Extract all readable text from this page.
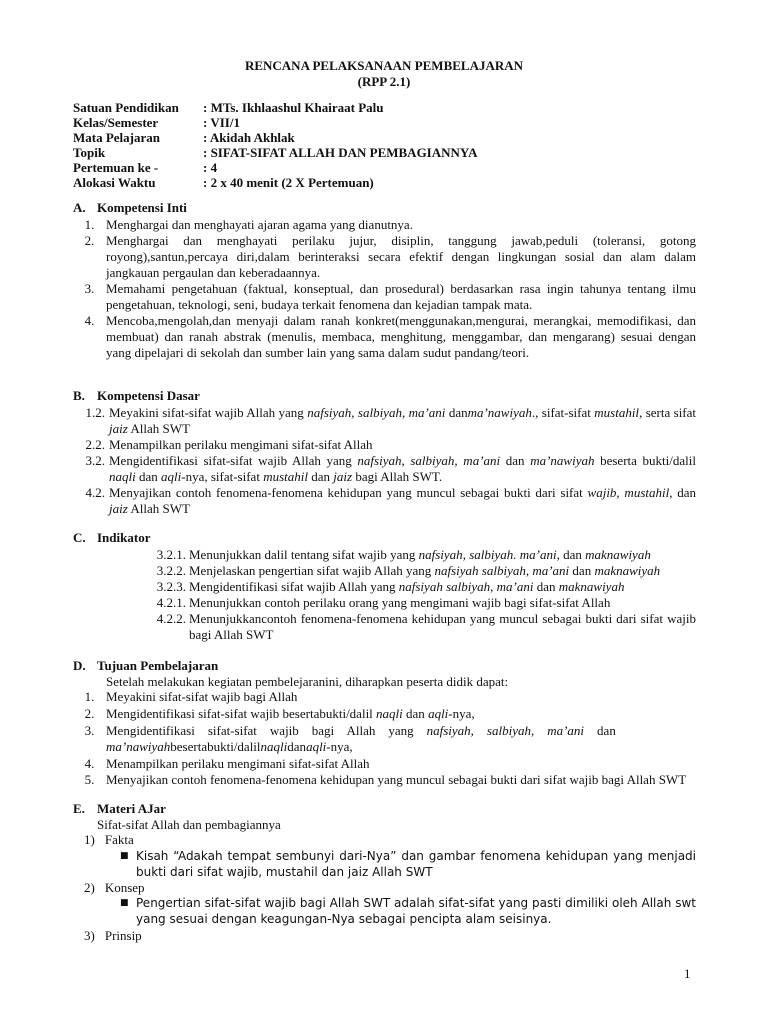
RENCANA PELAKSANAAN PEMBELAJARAN
(RPP 2.1)
Satuan Pendidikan : MTs. Ikhlaashul Khairaat Palu
Kelas/Semester	: VII/1
Mata Pelajaran	: Akidah Akhlak
Topik	: SIFAT-SIFAT ALLAH DAN PEMBAGIANNYA
Pertemuan ke -	: 4
Alokasi Waktu	: 2 x 40 menit (2 X Pertemuan)
A. Kompetensi Inti
1. Menghargai dan menghayati ajaran agama yang dianutnya.
2. Menghargai dan menghayati perilaku jujur, disiplin, tanggung jawab,peduli (toleransi, gotong royong),santun,percaya diri,dalam berinteraksi secara efektif dengan lingkungan sosial dan alam dalam jangkauan pergaulan dan keberadaannya.
3. Memahami pengetahuan (faktual, konseptual, dan prosedural) berdasarkan rasa ingin tahunya tentang ilmu pengetahuan, teknologi, seni, budaya terkait fenomena dan kejadian tampak mata.
4. Mencoba,mengolah,dan menyaji dalam ranah konkret(menggunakan,mengurai, merangkai, memodifikasi, dan membuat) dan ranah abstrak (menulis, membaca, menghitung, menggambar, dan mengarang) sesuai dengan yang dipelajari di sekolah dan sumber lain yang sama dalam sudut pandang/teori.
B. Kompetensi Dasar
1.2. Meyakini sifat-sifat wajib Allah yang nafsiyah, salbiyah, ma’ani danma’nawiyah., sifat-sifat mustahil, serta sifat jaiz Allah SWT
2.2. Menampilkan perilaku mengimani sifat-sifat Allah
3.2. Mengidentifikasi sifat-sifat wajib Allah yang nafsiyah, salbiyah, ma’ani dan ma’nawiyah beserta bukti/dalil naqli dan aqli-nya, sifat-sifat mustahil dan jaiz bagi Allah SWT.
4.2. Menyajikan contoh fenomena-fenomena kehidupan yang muncul sebagai bukti dari sifat wajib, mustahil, dan jaiz Allah SWT
C. Indikator
3.2.1. Menunjukkan dalil tentang sifat wajib yang nafsiyah, salbiyah. ma’ani, dan maknawiyah
3.2.2. Menjelaskan pengertian sifat wajib Allah yang nafsiyah salbiyah, ma’ani dan maknawiyah
3.2.3. Mengidentifikasi sifat wajib Allah yang nafsiyah salbiyah, ma’ani dan maknawiyah
4.2.1. Menunjukkan contoh perilaku orang yang mengimani wajib bagi sifat-sifat Allah
4.2.2. Menunjukkancontoh fenomena-fenomena kehidupan yang muncul sebagai bukti dari sifat wajib bagi Allah SWT
D. Tujuan Pembelajaran
Setelah melakukan kegiatan pembelejaranini, diharapkan peserta didik dapat:
1. Meyakini sifat-sifat wajib bagi Allah
2. Mengidentifikasi sifat-sifat wajib besertabukti/dalil naqli dan aqli-nya,
3. Mengidentifikasi    sifat-sifat    wajib    bagi    Allah    yang    nafsiyah,    salbiyah,    ma’ani    dan
ma’nawiyahbesertabukti/dalilnaqlidanaqli-nya,
4. Menampilkan perilaku mengimani sifat-sifat Allah
5. Menyajikan contoh fenomena-fenomena kehidupan yang muncul sebagai bukti dari sifat wajib bagi Allah SWT
E. Materi AJar
Sifat-sifat Allah dan pembagiannya
1) Fakta
■ Kisah “Adakah tempat sembunyi dari-Nya” dan gambar fenomena kehidupan yang menjadi bukti dari sifat wajib, mustahil dan jaiz Allah SWT
2) Konsep
■ Pengertian sifat-sifat wajib bagi Allah SWT adalah sifat-sifat yang pasti dimiliki oleh Allah swt yang sesuai dengan keagungan-Nya sebagai pencipta alam seisinya.
3) Prinsip
1
